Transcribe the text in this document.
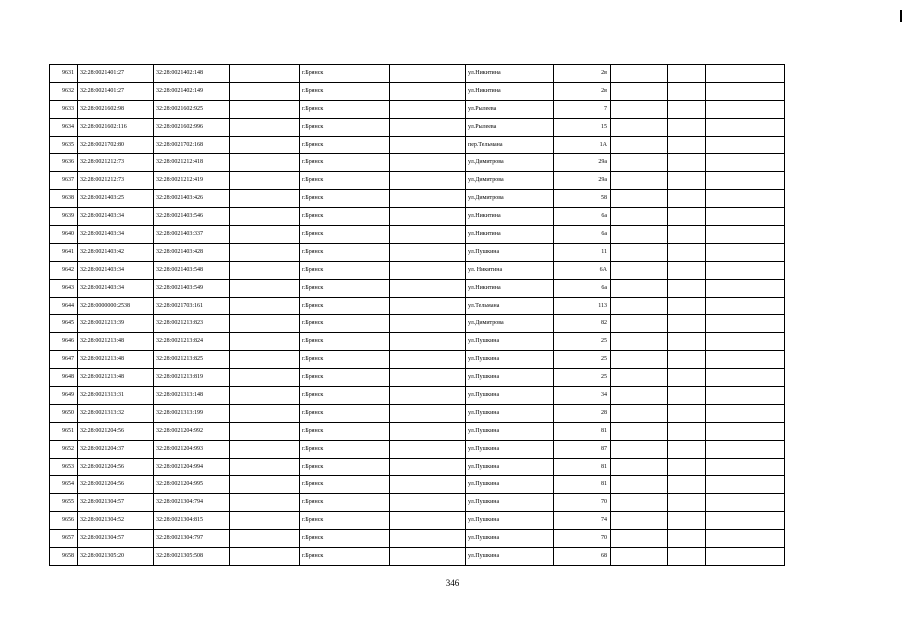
9631	32:28:0021401:27	32:28:0021402:148		г.Брянск		ул.Никитина	2в			
9632	32:28:0021401:27	32:28:0021402:149		г.Брянск		ул.Никитина	2в			
9633	32:28:0021602:98	32:28:0021602:925		г.Брянск		ул.Рылеева	7			
9634	32:28:0021602:116	32:28:0021602:996		г.Брянск		ул.Рылеева	15			
9635	32:28:0021702:80	32:28:0021702:168		г.Брянск		пер.Тельмана	1А			
9636	32:28:0021212:73	32:28:0021212:418		г.Брянск		ул.Димитрова	29а			
9637	32:28:0021212:73	32:28:0021212:419		г.Брянск		ул.Димитрова	29а			
9638	32:28:0021403:25	32:28:0021403:426		г.Брянск		ул.Димитрова	58			
9639	32:28:0021403:34	32:28:0021403:546		г.Брянск		ул.Никитина	6а			
9640	32:28:0021403:34	32:28:0021403:337		г.Брянск		ул.Никитина	6а			
9641	32:28:0021403:42	32:28:0021403:428		г.Брянск		ул.Пушкина	11			
9642	32:28:0021403:34	32:28:0021403:548		г.Брянск		ул. Никитина	6А			
9643	32:28:0021403:34	32:28:0021403:549		г.Брянск		ул.Никитина	6а			
9644	32:28:0000000:2538	32:28:0021703:161		г.Брянск		ул.Тельмана	113			
9645	32:28:0021213:39	32:28:0021213:823		г.Брянск		ул.Димитрова	82			
9646	32:28:0021213:48	32:28:0021213:824		г.Брянск		ул.Пушкина	25			
9647	32:28:0021213:48	32:28:0021213:825		г.Брянск		ул.Пушкина	25			
9648	32:28:0021213:48	32:28:0021213:819		г.Брянск		ул.Пушкина	25			
9649	32:28:0021313:31	32:28:0021313:148		г.Брянск		ул.Пушкина	34			
9650	32:28:0021313:32	32:28:0021313:199		г.Брянск		ул.Пушкина	28			
9651	32:28:0021204:56	32:28:0021204:992		г.Брянск		ул.Пушкина	81			
9652	32:28:0021204:37	32:28:0021204:993		г.Брянск		ул.Пушкина	87			
9653	32:28:0021204:56	32:28:0021204:994		г.Брянск		ул.Пушкина	81			
9654	32:28:0021204:56	32:28:0021204:995		г.Брянск		ул.Пушкина	81			
9655	32:28:0021304:57	32:28:0021304:794		г.Брянск		ул.Пушкина	70			
9656	32:28:0021304:52	32:28:0021304:815		г.Брянск		ул.Пушкина	74			
9657	32:28:0021304:57	32:28:0021304:797		г.Брянск		ул.Пушкина	70			
9658	32:28:0021305:20	32:28:0021305:508		г.Брянск		ул.Пушкина	68			
346
